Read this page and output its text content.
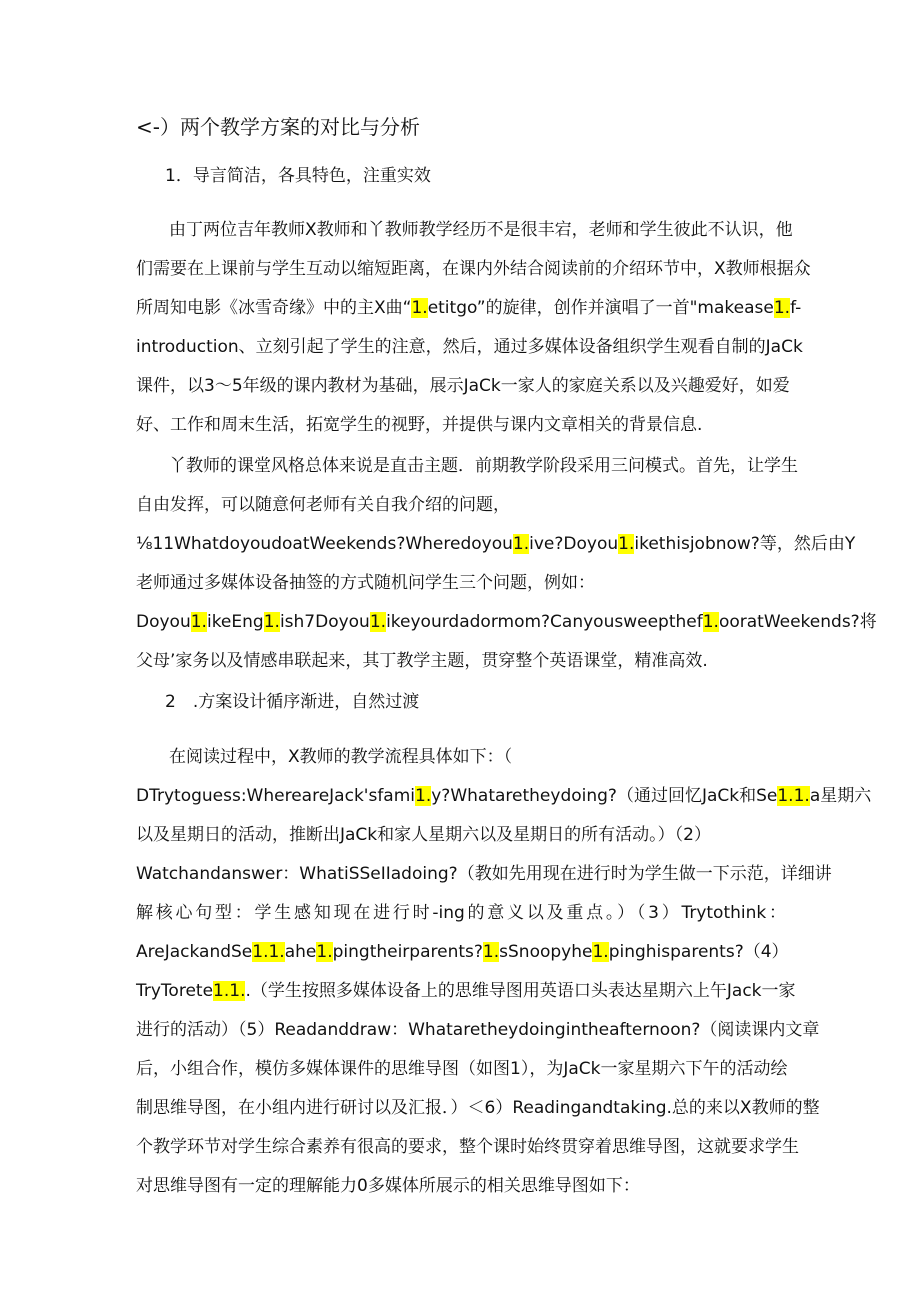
<-）两个教学方案的对比与分析
1．导言简洁，各具特色，注重实效
由丁两位吉年教师X教师和丫教师教学经历不是很丰宕，老师和学生彼此不认识，他
们需要在上课前与学生互动以缩短距离，在课内外结合阅读前的介绍环节中，X教师根据众
所周知电影《冰雪奇缘》中的主X曲“1.etitgo”的旋律，创作并演唱了一首"makease1.f-
introduction、立刻引起了学生的注意，然后，通过多媒体设备组织学生观看自制的JaCk
课件，以3〜5年级的课内教材为基础，展示JaCk一家人的家庭关系以及兴趣爱好，如爱
好、工作和周末生活，拓宽学生的视野，并提供与课内文章相关的背景信息.
丫教师的课堂风格总体来说是直击主题．前期教学阶段采用三问模式。首先，让学生
自由发挥，可以随意何老师有关自我介绍的问题，
⅛11WhatdoyoudoatWeekends?Wheredoyou1.ive?Doyou1.ikethisjobnow?等，然后由Y
老师通过多媒体设备抽签的方式随机问学生三个问题，例如：
Doyou1.ikeEng1.ish7Doyou1.ikeyourdadormom?Canyousweepthef1.ooratWeekends?将
父母’家务以及情感串联起来，其丁教学主题，贯穿整个英语课堂，精准高效.
2　.方案设计循序渐进，自然过渡
在阅读过程中，X教师的教学流程具体如下：（
DTrytoguess:WhereareJack'sfami1.y?Whataretheydoing?（通过回忆JaCk和Se1.1.a星期六
以及星期日的活动，推断出JaCk和家人星期六以及星期日的所有活动。）（2）
Watchandanswer：WhatiSSeIIadoing?（教如先用现在进行时为学生做一下示范，详细讲
解核心句型：学生感知现在进行时-ing的意义以及重点。）（3）Trytothink：
AreJackandSe1.1.ahe1.pingtheirparents?1.sSnoopyhe1.pinghisparents?（4）
TryTorete1.1..（学生按照多媒体设备上的思维导图用英语口头表达星期六上午Jack一家
进行的活动）（5）Readanddraw：Whataretheydoingintheafternoon?（阅读课内文章
后，小组合作，模仿多媒体课件的思维导图（如图1），为JaCk一家星期六下午的活动绘
制思维导图，在小组内进行研讨以及汇报．）＜6）Readingandtaking.总的来以X教师的整
个教学环节对学生综合素养有很高的要求，整个课时始终贯穿着思维导图，这就要求学生
对思维导图有一定的理解能力0多媒体所展示的相关思维导图如下：
